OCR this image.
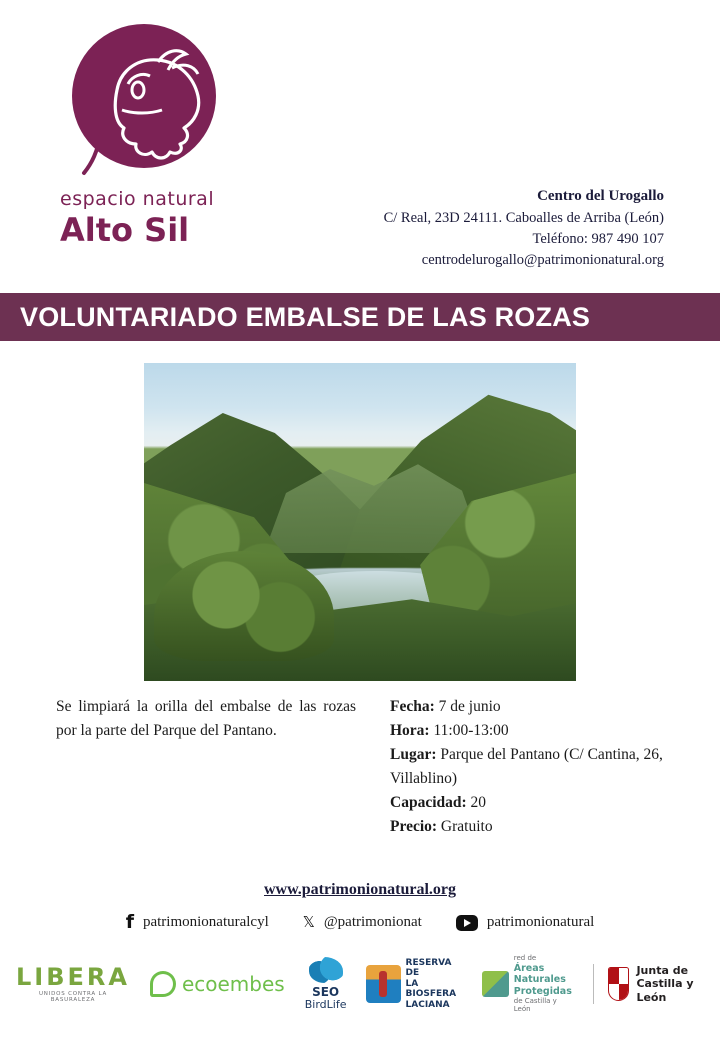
espacio natural
Alto Sil
Centro del Urogallo
C/ Real, 23D 24111. Caboalles de Arriba (León)
Teléfono: 987 490 107
centrodelurogallo@patrimonionatural.org
VOLUNTARIADO EMBALSE DE LAS ROZAS
Se limpiará la orilla del embalse de las rozas por la parte del Parque del Pantano.
Fecha: 7 de junio
Hora: 11:00-13:00
Lugar: Parque del Pantano (C/ Cantina, 26, Villablino)
Capacidad: 20
Precio: Gratuito
www.patrimonionatural.org
f patrimonionaturalcyl 𝕏 @patrimonionat	patrimonionatural
LIBERA
UNIDOS CONTRA LA BASURALEZA
ecoembes	SEO
BirdLife
RESERVA DE
LA BIOSFERA
LACIANA
red de
Áreas
Naturales
Protegidas
de Castilla y León
Junta de
Castilla y León
